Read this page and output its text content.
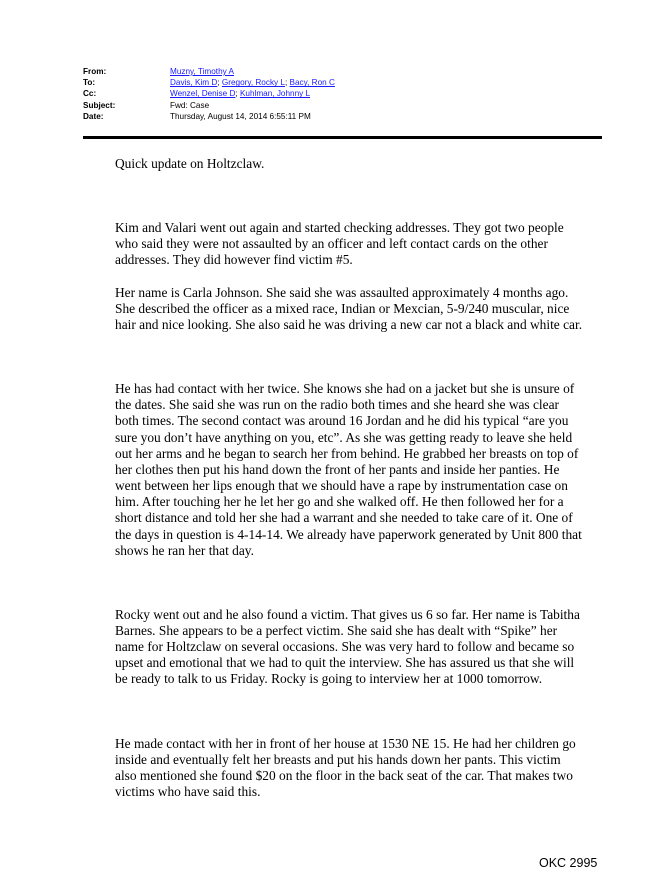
From:	Muzny, Timothy A
To:	Davis, Kim D; Gregory, Rocky L; Bacy, Ron C
Cc:	Wenzel, Denise D; Kuhlman, Johnny L
Subject:	Fwd: Case
Date:	Thursday, August 14, 2014 6:55:11 PM

Quick update on Holtzclaw.

Kim and Valari went out again and started checking addresses. They got two people who said they were not assaulted by an officer and left contact cards on the other addresses. They did however find victim #5.

Her name is Carla Johnson. She said she was assaulted approximately 4 months ago. She described the officer as a mixed race, Indian or Mexcian, 5-9/240 muscular, nice hair and nice looking. She also said he was driving a new car not a black and white car.

He has had contact with her twice. She knows she had on a jacket but she is unsure of the dates. She said she was run on the radio both times and she heard she was clear both times. The second contact was around 16 Jordan and he did his typical “are you sure you don’t have anything on you, etc”. As she was getting ready to leave she held out her arms and he began to search her from behind. He grabbed her breasts on top of her clothes then put his hand down the front of her pants and inside her panties. He went between her lips enough that we should have a rape by instrumentation case on him. After touching her he let her go and she walked off. He then followed her for a short distance and told her she had a warrant and she needed to take care of it. One of the days in question is 4-14-14. We already have paperwork generated by Unit 800 that shows he ran her that day.

Rocky went out and he also found a victim. That gives us 6 so far. Her name is Tabitha Barnes. She appears to be a perfect victim. She said she has dealt with “Spike” her name for Holtzclaw on several occasions. She was very hard to follow and became so upset and emotional that we had to quit the interview. She has assured us that she will be ready to talk to us Friday. Rocky is going to interview her at 1000 tomorrow.

He made contact with her in front of her house at 1530 NE 15. He had her children go inside and eventually felt her breasts and put his hands down her pants. This victim also mentioned she found $20 on the floor in the back seat of the car. That makes two victims who have said this.

OKC 2995
